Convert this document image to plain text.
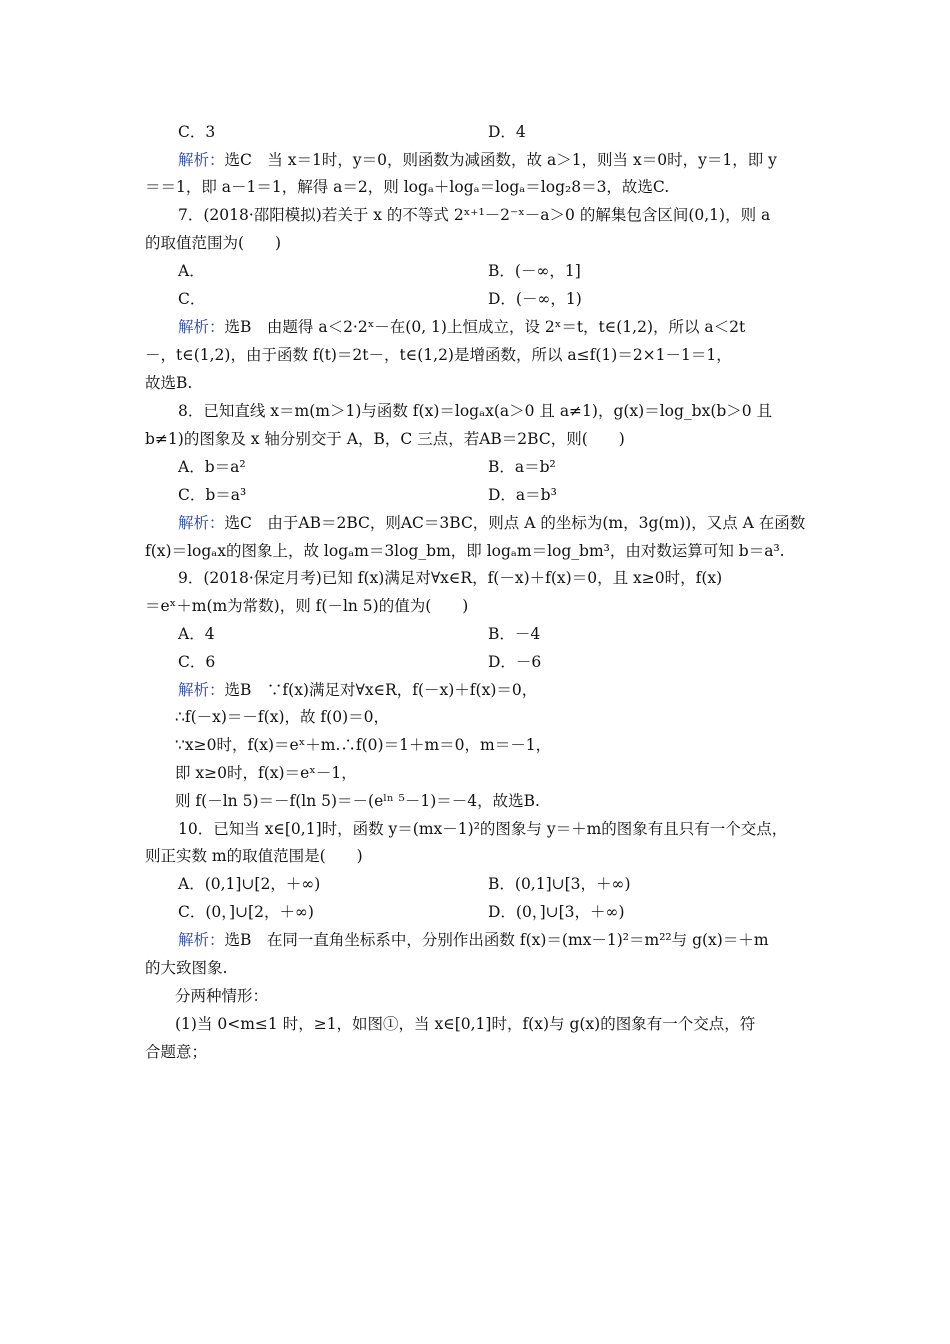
C．3	D．4
解析：选C　当 x＝1时，y＝0，则函数为减函数，故 a＞1，则当 x＝0时，y＝1，即 y
＝＝1，即 a－1＝1，解得 a＝2，则 logₐ＋logₐ＝logₐ＝log₂8＝3，故选C.
7．(2018·邵阳模拟)若关于 x 的不等式 2ˣ⁺¹－2⁻ˣ－a＞0 的解集包含区间(0,1)，则 a
的取值范围为(　　)
A．	B．(－∞，1]
C．	D．(－∞，1)
解析：选B　由题得 a＜2·2ˣ－在(0, 1)上恒成立，设 2ˣ＝t，t∈(1,2)，所以 a＜2t
－，t∈(1,2)，由于函数 f(t)＝2t－，t∈(1,2)是增函数，所以 a≤f(1)＝2×1－1＝1，
故选B.
8．已知直线 x＝m(m＞1)与函数 f(x)＝logₐx(a＞0 且 a≠1)，g(x)＝log_bx(b＞0 且
b≠1)的图象及 x 轴分别交于 A，B，C 三点，若AB＝2BC，则(　　)
A．b＝a²	B．a＝b²
C．b＝a³	D．a＝b³
解析：选C　由于AB＝2BC，则AC＝3BC，则点 A 的坐标为(m，3g(m))，又点 A 在函数
f(x)＝logₐx的图象上，故 logₐm＝3log_bm，即 logₐm＝log_bm³，由对数运算可知 b＝a³.
9．(2018·保定月考)已知 f(x)满足对∀x∈R，f(－x)＋f(x)＝0，且 x≥0时，f(x)
＝eˣ＋m(m为常数)，则 f(－ln 5)的值为(　　)
A．4	B．－4
C．6	D．－6
解析：选B　∵f(x)满足对∀x∈R，f(－x)＋f(x)＝0，
∴f(－x)＝－f(x)，故 f(0)＝0，
∵x≥0时，f(x)＝eˣ＋m.∴f(0)＝1＋m＝0，m＝－1，
即 x≥0时，f(x)＝eˣ－1，
则 f(－ln 5)＝－f(ln 5)＝－(eˡⁿ ⁵－1)＝－4，故选B.
10．已知当 x∈[0,1]时，函数 y＝(mx－1)²的图象与 y＝＋m的图象有且只有一个交点，
则正实数 m的取值范围是(　　)
A．(0,1]∪[2，＋∞)	B．(0,1]∪[3，＋∞)
C．(0，]∪[2，＋∞)	D．(0，]∪[3，＋∞)
解析：选B　在同一直角坐标系中，分别作出函数 f(x)＝(mx－1)²＝m²²与 g(x)＝＋m
的大致图象.
分两种情形：
(1)当 0<m≤1 时，≥1，如图①，当 x∈[0,1]时，f(x)与 g(x)的图象有一个交点，符
合题意；
